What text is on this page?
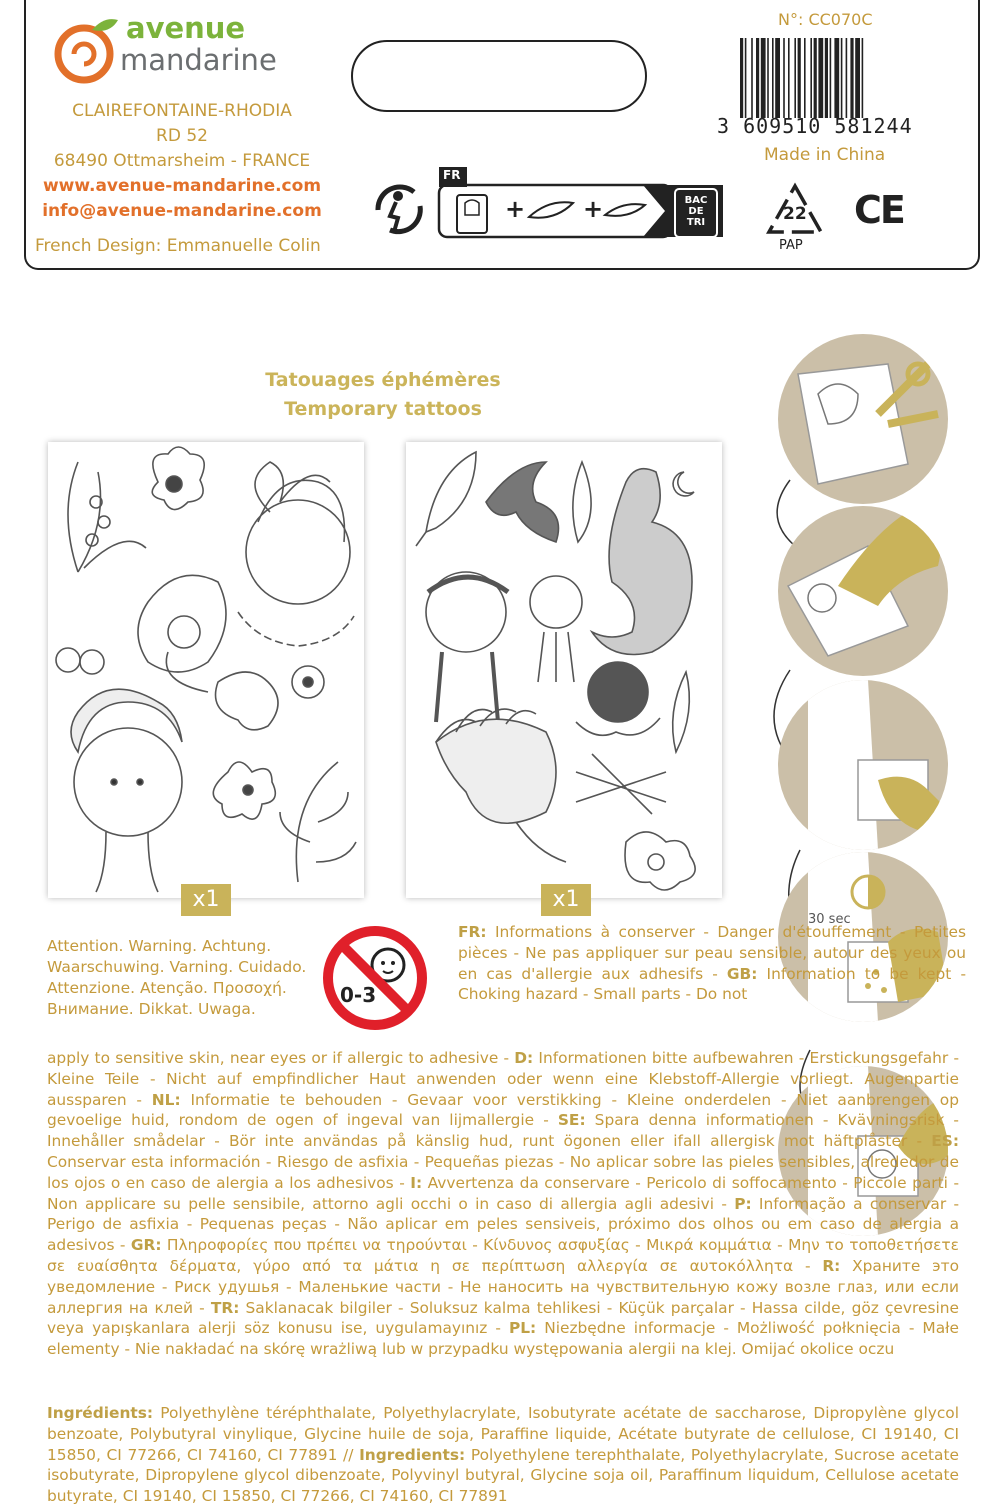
avenue
mandarine
CLAIREFONTAINE-RHODIA
RD 52
68490 Ottmarsheim - FRANCE
www.avenue-mandarine.com
info@avenue-mandarine.com
French Design: Emmanuelle Colin
N°: CC070C
3 609510 581244
Made in China
FR
+ +	BAC
DE
TRI	22
PAP
CE
Tatouages éphémères
Temporary tattoos
x1	x1
30 sec
Attention. Warning. Achtung. Waarschuwing. Varning. Cuidado. Attenzione. Atenção. Προσοχή. Внимание. Dikkat. Uwaga.
0-3

FR: Informations à conserver - Danger d'étouffement - Petites pièces - Ne pas appliquer sur peau sensible, autour des yeux ou en cas d'allergie aux adhesifs - GB: Information to be kept - Choking hazard - Small parts - Do not

apply to sensitive skin, near eyes or if allergic to adhesive - D: Informationen bitte aufbewahren - Erstickungsgefahr - Kleine Teile - Nicht auf empfindlicher Haut anwenden oder wenn eine Klebstoff-Allergie vorliegt. Augenpartie aussparen - NL: Informatie te behouden - Gevaar voor verstikking - Kleine onderdelen - Niet aanbrengen op gevoelige huid, rondom de ogen of ingeval van lijmallergie - SE: Spara denna informationen - Kvävningsrisk - Innehåller smådelar - Bör inte användas på känslig hud, runt ögonen eller ifall allergisk mot häftplåster - ES: Conservar esta información - Riesgo de asfixia - Pequeñas piezas - No aplicar sobre las pieles sensibles, alrededor de los ojos o en caso de alergia a los adhesivos - I: Avvertenza da conservare - Pericolo di soffocamento - Piccole parti - Non applicare su pelle sensibile, attorno agli occhi o in caso di allergia agli adesivi - P: Informação a conservar - Perigo de asfixia - Pequenas peças - Não aplicar em peles sensiveis, próximo dos olhos ou em caso de alergia a adesivos - GR: Πληροφορίες που πρέπει να τηρούνται - Κίνδυνος ασφυξίας - Μικρά κομμάτια - Μην το τοποθετήσετε σε ευαίσθητα δέρματα, γύρο από τα μάτια η σε περίπτωση αλλεργία σε αυτοκόλλητα - R: Храните это уведомление - Риск удушья - Маленькие части - Не наносить на чувствительную кожу возле глаз, или если аллергия на клей - TR: Saklanacak bilgiler - Soluksuz kalma tehlikesi - Küçük parçalar - Hassa cilde, göz çevresine veya yapışkanlara alerji söz konusu ise, uygulamayınız - PL: Niezbędne informacje - Możliwość połknięcia - Małe elementy - Nie nakładać na skórę wrażliwą lub w przypadku występowania alergii na klej. Omijać okolice oczu

Ingrédients: Polyethylène téréphthalate, Polyethylacrylate, Isobutyrate acétate de saccharose, Dipropylène glycol benzoate, Polybutyral vinylique, Glycine huile de soja, Paraffine liquide, Acétate butyrate de cellulose, CI 19140, CI 15850, CI 77266, CI 74160, CI 77891 // Ingredients: Polyethylene terephthalate, Polyethylacrylate, Sucrose acetate isobutyrate, Dipropylene glycol dibenzoate, Polyvinyl butyral, Glycine soja oil, Paraffinum liquidum, Cellulose acetate butyrate, CI 19140, CI 15850, CI 77266, CI 74160, CI 77891
